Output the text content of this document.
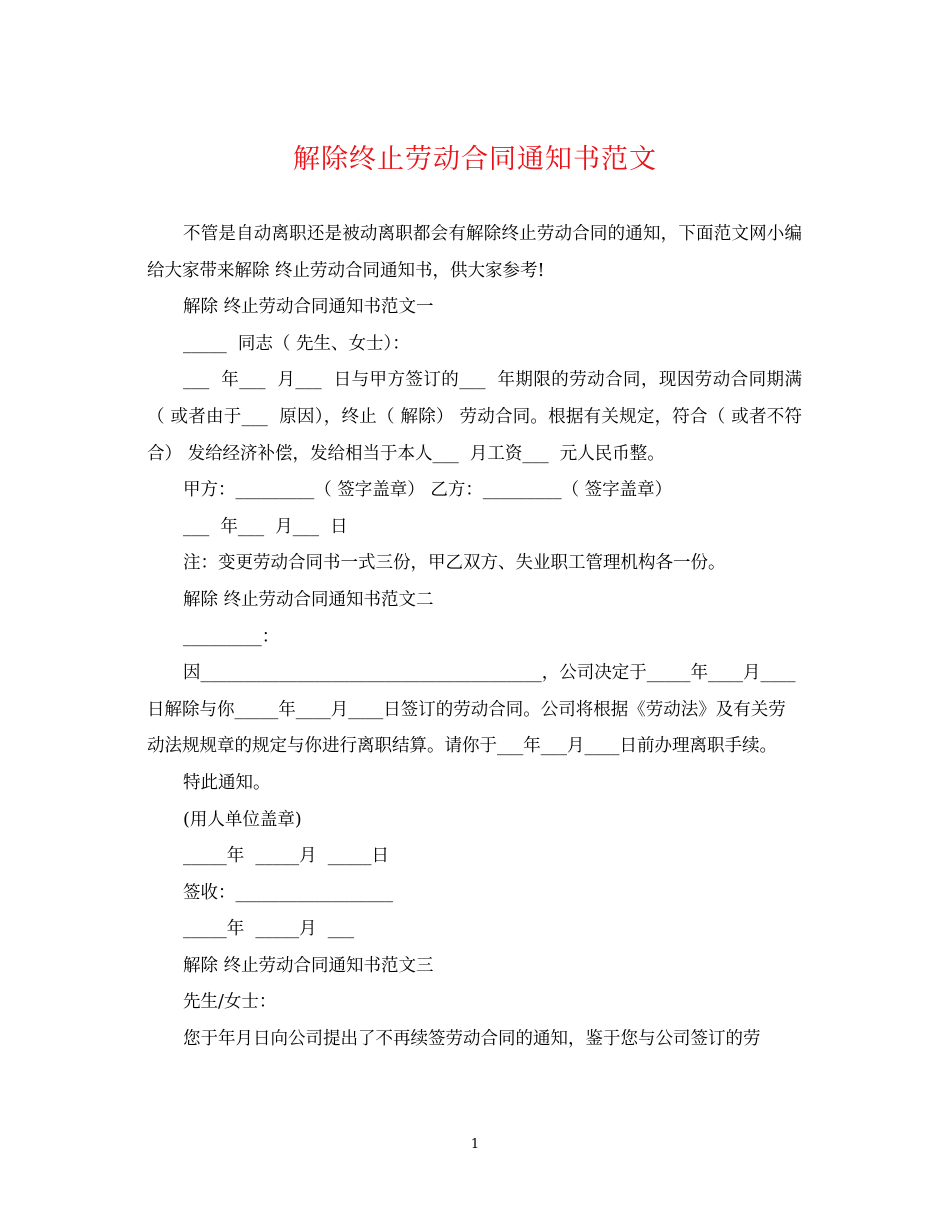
解除终止劳动合同通知书范文

不管是自动离职还是被动离职都会有解除终止劳动合同的通知，下面范文网小编给大家带来解除 终止劳动合同通知书，供大家参考!

解除 终止劳动合同通知书范文一

_____  同志（ 先生、女士）：

___  年___  月___  日与甲方签订的___  年期限的劳动合同，现因劳动合同期满（ 或者由于___  原因），终止（ 解除） 劳动合同。根据有关规定，符合（ 或者不符合） 发给经济补偿，发给相当于本人___  月工资___  元人民币整。

甲方：_________（ 签字盖章） 乙方：_________（ 签字盖章）

___  年___  月___  日

注：变更劳动合同书一式三份，甲乙双方、失业职工管理机构各一份。

解除 终止劳动合同通知书范文二

_________：

因_______________________________________，公司决定于_____年____月____日解除与你_____年____月____日签订的劳动合同。公司将根据《劳动法》及有关劳动法规规章的规定与你进行离职结算。请你于___年___月____日前办理离职手续。

特此通知。

(用人单位盖章)

_____年  _____月  _____日

签收：__________________

_____年  _____月  ___

解除 终止劳动合同通知书范文三

先生/女士：

您于年月日向公司提出了不再续签劳动合同的通知，鉴于您与公司签订的劳

1
